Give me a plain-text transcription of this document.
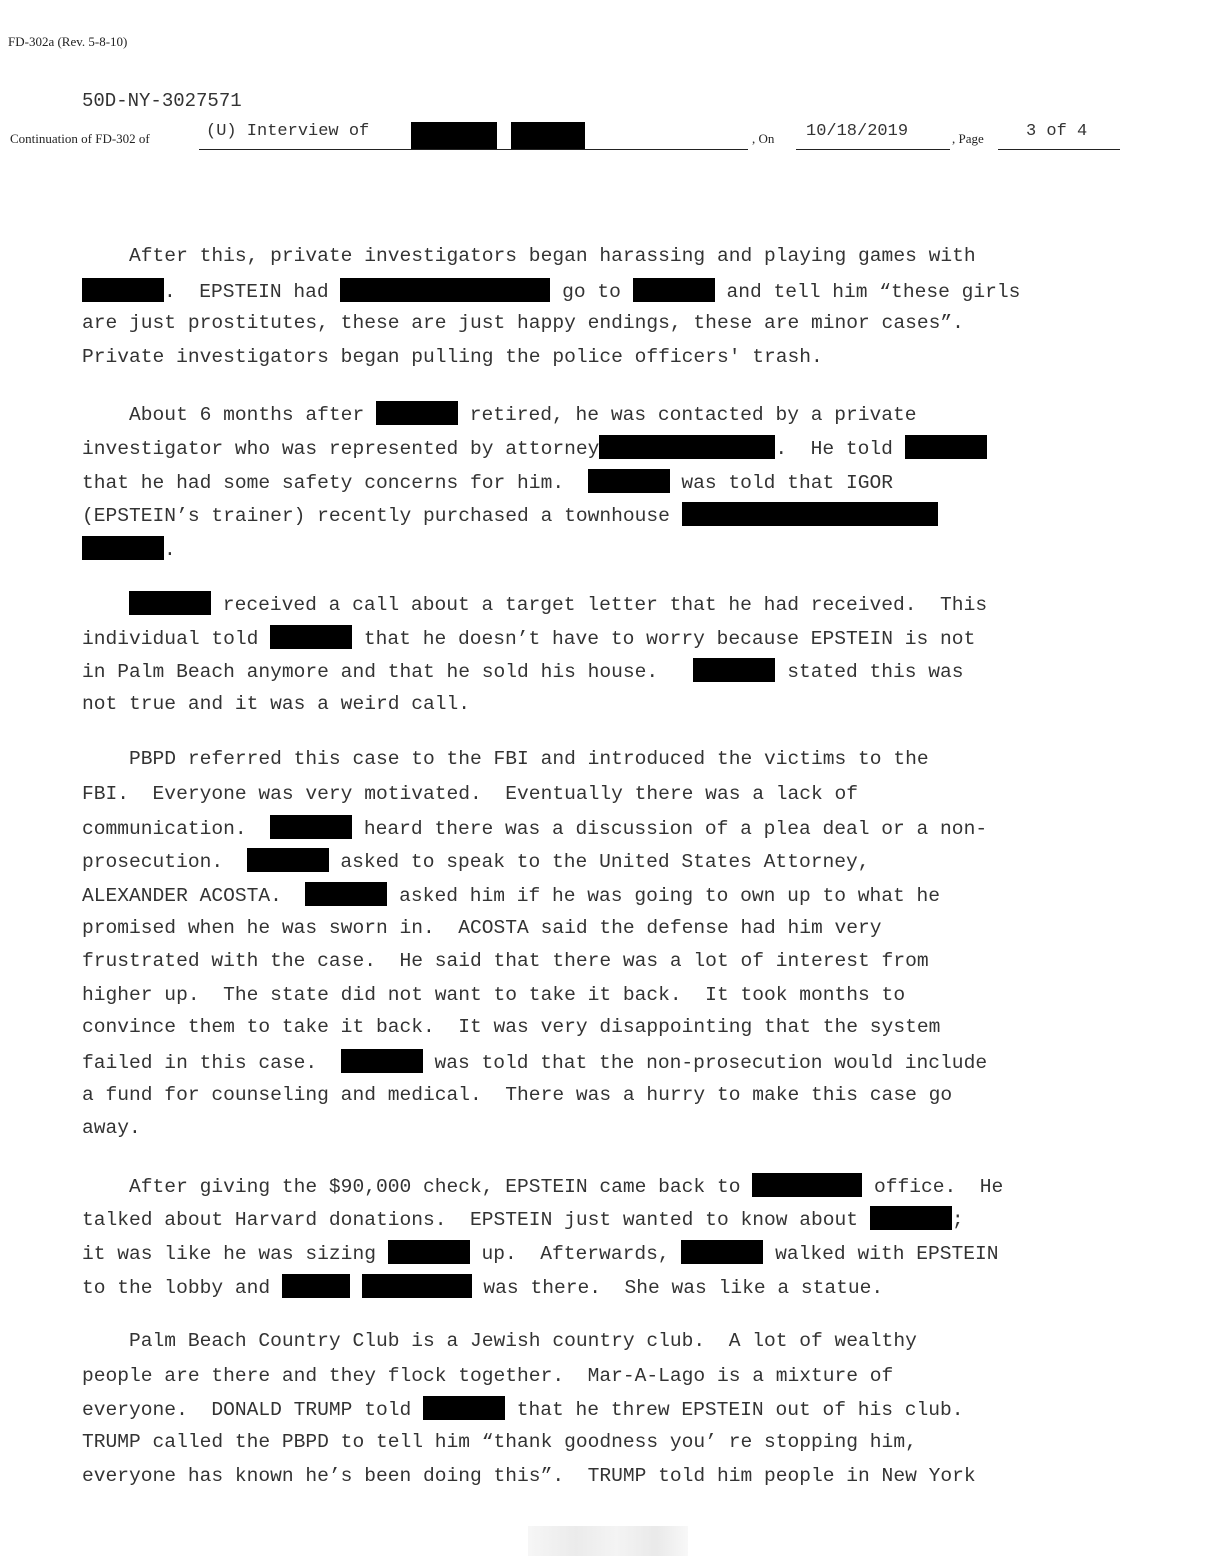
FD-302a (Rev. 5-8-10)
50D-NY-3027571
Continuation of FD-302 of	(U) Interview of	, On 10/18/2019	, Page 3 of 4
After this, private investigators began harassing and playing games with
.  EPSTEIN had	go to	and tell him “these girls
are just prostitutes, these are just happy endings, these are minor cases”.
Private investigators began pulling the police officers' trash.
About 6 months after	retired, he was contacted by a private
investigator who was represented by attorney	.  He told
that he had some safety concerns for him.	was told that IGOR
(EPSTEIN’s trainer) recently purchased a townhouse
.
received a call about a target letter that he had received.  This
individual told	that he doesn’t have to worry because EPSTEIN is not
in Palm Beach anymore and that he sold his house.	stated this was
not true and it was a weird call.
PBPD referred this case to the FBI and introduced the victims to the
FBI.  Everyone was very motivated.  Eventually there was a lack of
communication.	heard there was a discussion of a plea deal or a non-
prosecution.	asked to speak to the United States Attorney,
ALEXANDER ACOSTA.	asked him if he was going to own up to what he
promised when he was sworn in.  ACOSTA said the defense had him very
frustrated with the case.  He said that there was a lot of interest from
higher up.  The state did not want to take it back.  It took months to
convince them to take it back.  It was very disappointing that the system
failed in this case.	was told that the non-prosecution would include
a fund for counseling and medical.  There was a hurry to make this case go
away.
After giving the $90,000 check, EPSTEIN came back to	office.  He
talked about Harvard donations.  EPSTEIN just wanted to know about	;
it was like he was sizing	up.  Afterwards,	walked with EPSTEIN
to the lobby and	was there.  She was like a statue.
Palm Beach Country Club is a Jewish country club.  A lot of wealthy
people are there and they flock together.  Mar-A-Lago is a mixture of
everyone.  DONALD TRUMP told	that he threw EPSTEIN out of his club.
TRUMP called the PBPD to tell him “thank goodness you’ re stopping him,
everyone has known he’s been doing this”.  TRUMP told him people in New York
